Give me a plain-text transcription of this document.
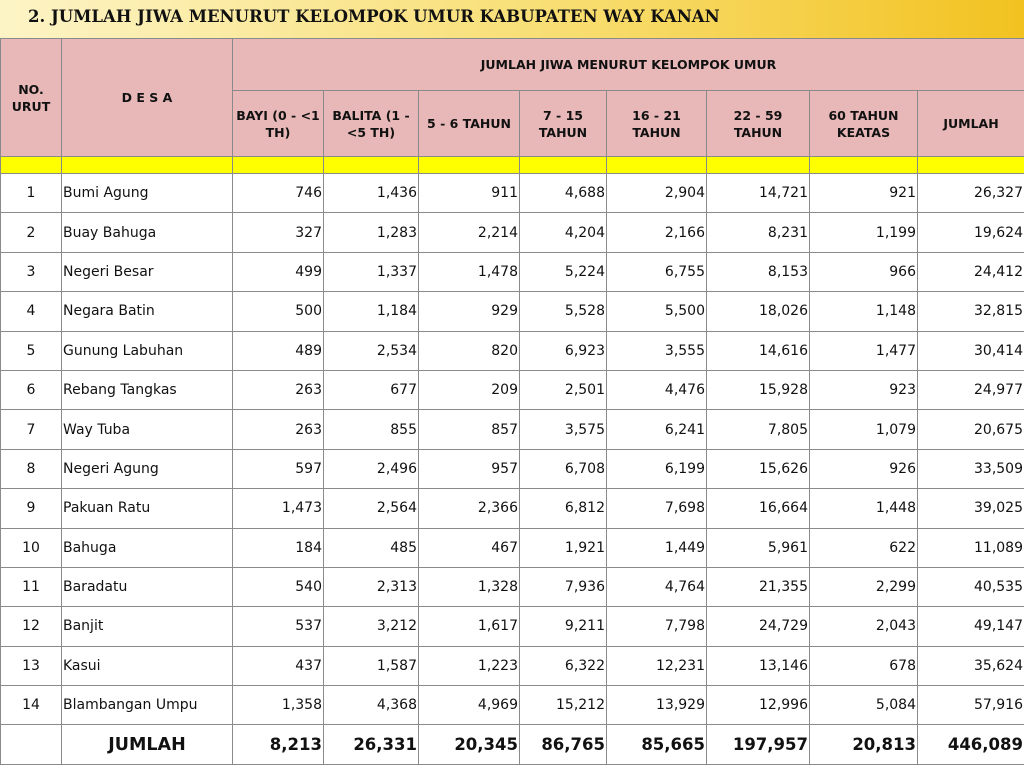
2. JUMLAH JIWA MENURUT KELOMPOK UMUR KABUPATEN WAY KANAN
NO. URUT	D E S A	JUMLAH JIWA MENURUT KELOMPOK UMUR							
		BAYI (0 - <1 TH)	BALITA (1 - <5 TH)	5 - 6 TAHUN	7 - 15 TAHUN	16 - 21 TAHUN	22 - 59 TAHUN	60 TAHUN KEATAS	JUMLAH

1	Bumi Agung	746	1,436	911	4,688	2,904	14,721	921	26,327
2	Buay Bahuga	327	1,283	2,214	4,204	2,166	8,231	1,199	19,624
3	Negeri Besar	499	1,337	1,478	5,224	6,755	8,153	966	24,412
4	Negara Batin	500	1,184	929	5,528	5,500	18,026	1,148	32,815
5	Gunung Labuhan	489	2,534	820	6,923	3,555	14,616	1,477	30,414
6	Rebang Tangkas	263	677	209	2,501	4,476	15,928	923	24,977
7	Way Tuba	263	855	857	3,575	6,241	7,805	1,079	20,675
8	Negeri Agung	597	2,496	957	6,708	6,199	15,626	926	33,509
9	Pakuan Ratu	1,473	2,564	2,366	6,812	7,698	16,664	1,448	39,025
10	Bahuga	184	485	467	1,921	1,449	5,961	622	11,089
11	Baradatu	540	2,313	1,328	7,936	4,764	21,355	2,299	40,535
12	Banjit	537	3,212	1,617	9,211	7,798	24,729	2,043	49,147
13	Kasui	437	1,587	1,223	6,322	12,231	13,146	678	35,624
14	Blambangan Umpu	1,358	4,368	4,969	15,212	13,929	12,996	5,084	57,916
	JUMLAH	8,213	26,331	20,345	86,765	85,665	197,957	20,813	446,089
